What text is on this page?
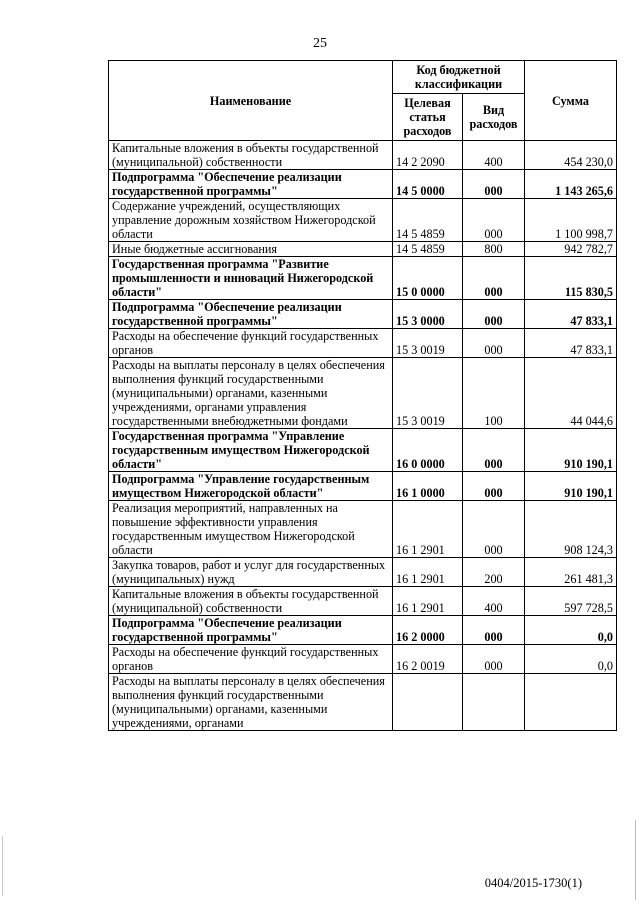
25
Наименование	Код бюджетной классификации		Сумма
	Целевая статья расходов	Вид расходов	
Капитальные вложения в объекты государственной (муниципальной) собственности	14 2 2090	400	454 230,0
Подпрограмма "Обеспечение реализации государственной программы"	14 5 0000	000	1 143 265,6
Содержание учреждений, осуществляющих управление дорожным хозяйством Нижегородской области	14 5 4859	000	1 100 998,7
Иные бюджетные ассигнования	14 5 4859	800	942 782,7
Государственная программа "Развитие промышленности и инноваций Нижегородской области"	15 0 0000	000	115 830,5
Подпрограмма "Обеспечение реализации государственной программы"	15 3 0000	000	47 833,1
Расходы на обеспечение функций государственных органов	15 3 0019	000	47 833,1
Расходы на выплаты персоналу в целях обеспечения выполнения функций государственными (муниципальными) органами, казенными учреждениями, органами управления государственными внебюджетными фондами	15 3 0019	100	44 044,6
Государственная программа "Управление государственным имуществом Нижегородской области"	16 0 0000	000	910 190,1
Подпрограмма "Управление государственным имуществом Нижегородской области"	16 1 0000	000	910 190,1
Реализация мероприятий, направленных на повышение эффективности управления государственным имуществом Нижегородской области	16 1 2901	000	908 124,3
Закупка товаров, работ и услуг для государственных (муниципальных) нужд	16 1 2901	200	261 481,3
Капитальные вложения в объекты государственной (муниципальной) собственности	16 1 2901	400	597 728,5
Подпрограмма "Обеспечение реализации государственной программы"	16 2 0000	000	0,0
Расходы на обеспечение функций государственных органов	16 2 0019	000	0,0
Расходы на выплаты персоналу в целях обеспечения выполнения функций государственными (муниципальными) органами, казенными учреждениями, органами			
0404/2015-1730(1)
